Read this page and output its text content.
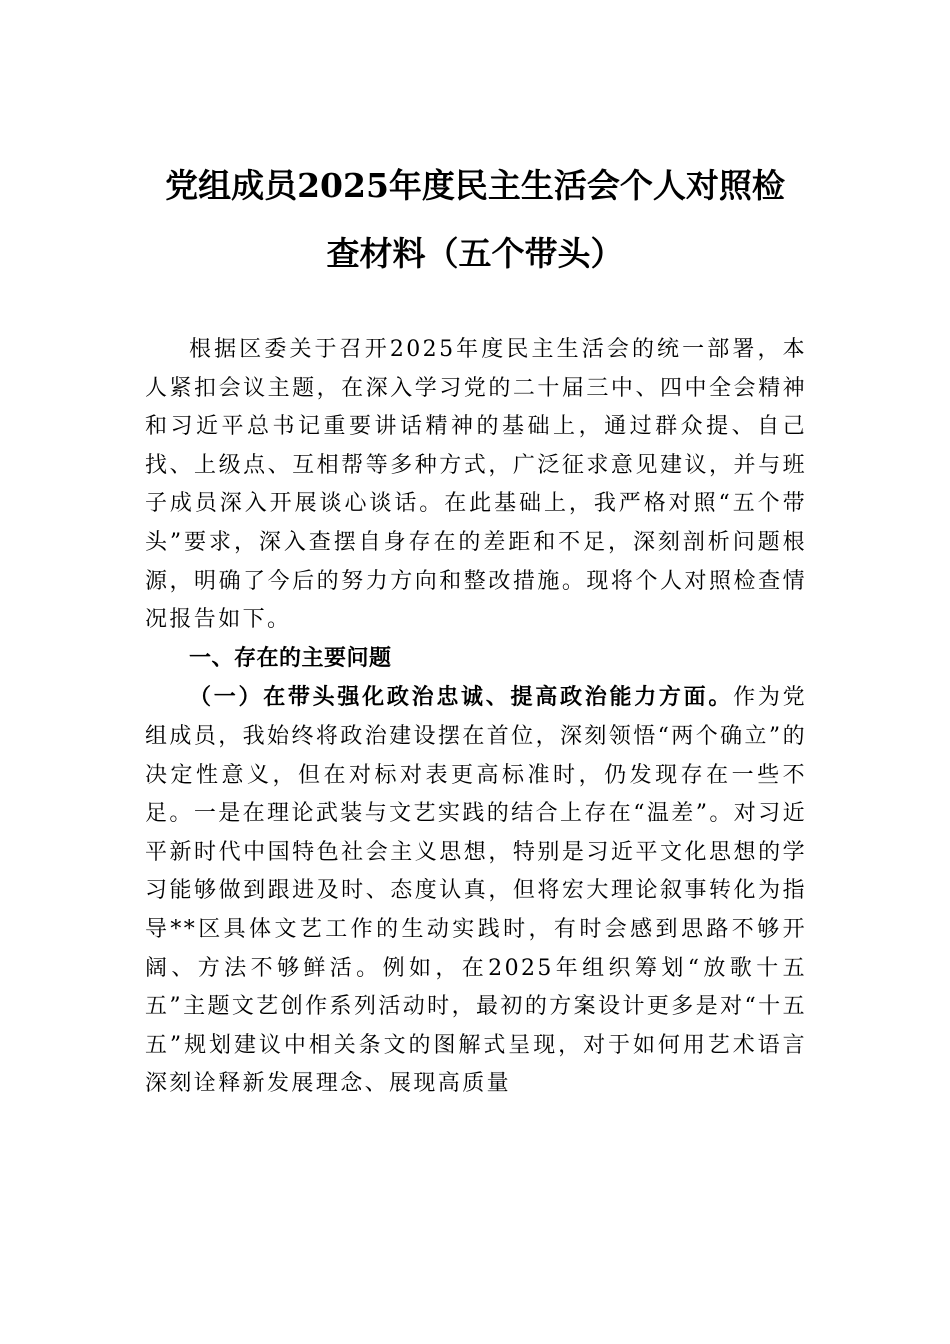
党组成员2025年度民主生活会个人对照检
查材料（五个带头）

根据区委关于召开2025年度民主生活会的统一部署，本人紧扣会议主题，在深入学习党的二十届三中、四中全会精神和习近平总书记重要讲话精神的基础上，通过群众提、自己找、上级点、互相帮等多种方式，广泛征求意见建议，并与班子成员深入开展谈心谈话。在此基础上，我严格对照“五个带头”要求，深入查摆自身存在的差距和不足，深刻剖析问题根源，明确了今后的努力方向和整改措施。现将个人对照检查情况报告如下。

一、存在的主要问题

（一）在带头强化政治忠诚、提高政治能力方面。作为党组成员，我始终将政治建设摆在首位，深刻领悟“两个确立”的决定性意义，但在对标对表更高标准时，仍发现存在一些不足。一是在理论武装与文艺实践的结合上存在“温差”。对习近平新时代中国特色社会主义思想，特别是习近平文化思想的学习能够做到跟进及时、态度认真，但将宏大理论叙事转化为指导**区具体文艺工作的生动实践时，有时会感到思路不够开阔、方法不够鲜活。例如，在2025年组织筹划“放歌十五五”主题文艺创作系列活动时，最初的方案设计更多是对“十五五”规划建议中相关条文的图解式呈现，对于如何用艺术语言深刻诠释新发展理念、展现高质量
